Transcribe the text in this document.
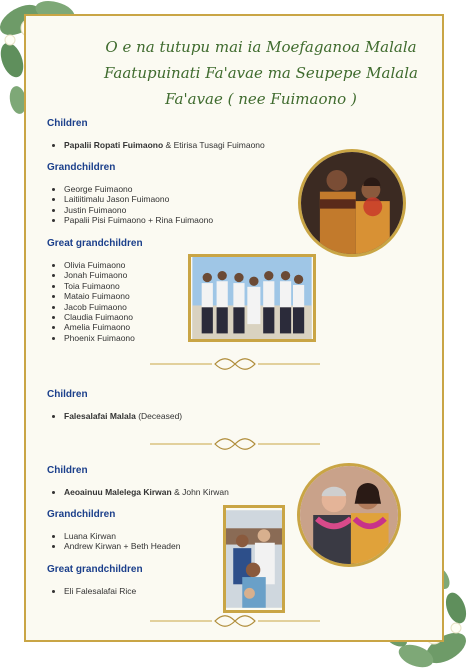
O e na tutupu mai ia Moefaganoa Malala
Faatupuinati Fa'avae ma Seupepe Malala
Fa'avae ( nee Fuimaono )
Children
• Papalii Ropati Fuimaono & Etirisa Tusagi Fuimaono
Grandchildren
• George Fuimaono
• Laitiitimalu Jason Fuimaono
• Justin Fuimaono
• Papalii Pisi Fuimaono + Rina Fuimaono
Great grandchildren
• Olivia Fuimaono
• Jonah Fuimaono
• Toia Fuimaono
• Mataio Fuimaono
• Jacob Fuimaono
• Claudia Fuimaono
• Amelia Fuimaono
• Phoenix Fuimaono
Children
• Falesalafai Malala (Deceased)
Children
• Aeoainuu Malelega Kirwan & John Kirwan
Grandchildren
• Luana Kirwan
• Andrew Kirwan + Beth Headen
Great grandchildren
• Eli Falesalafai Rice
